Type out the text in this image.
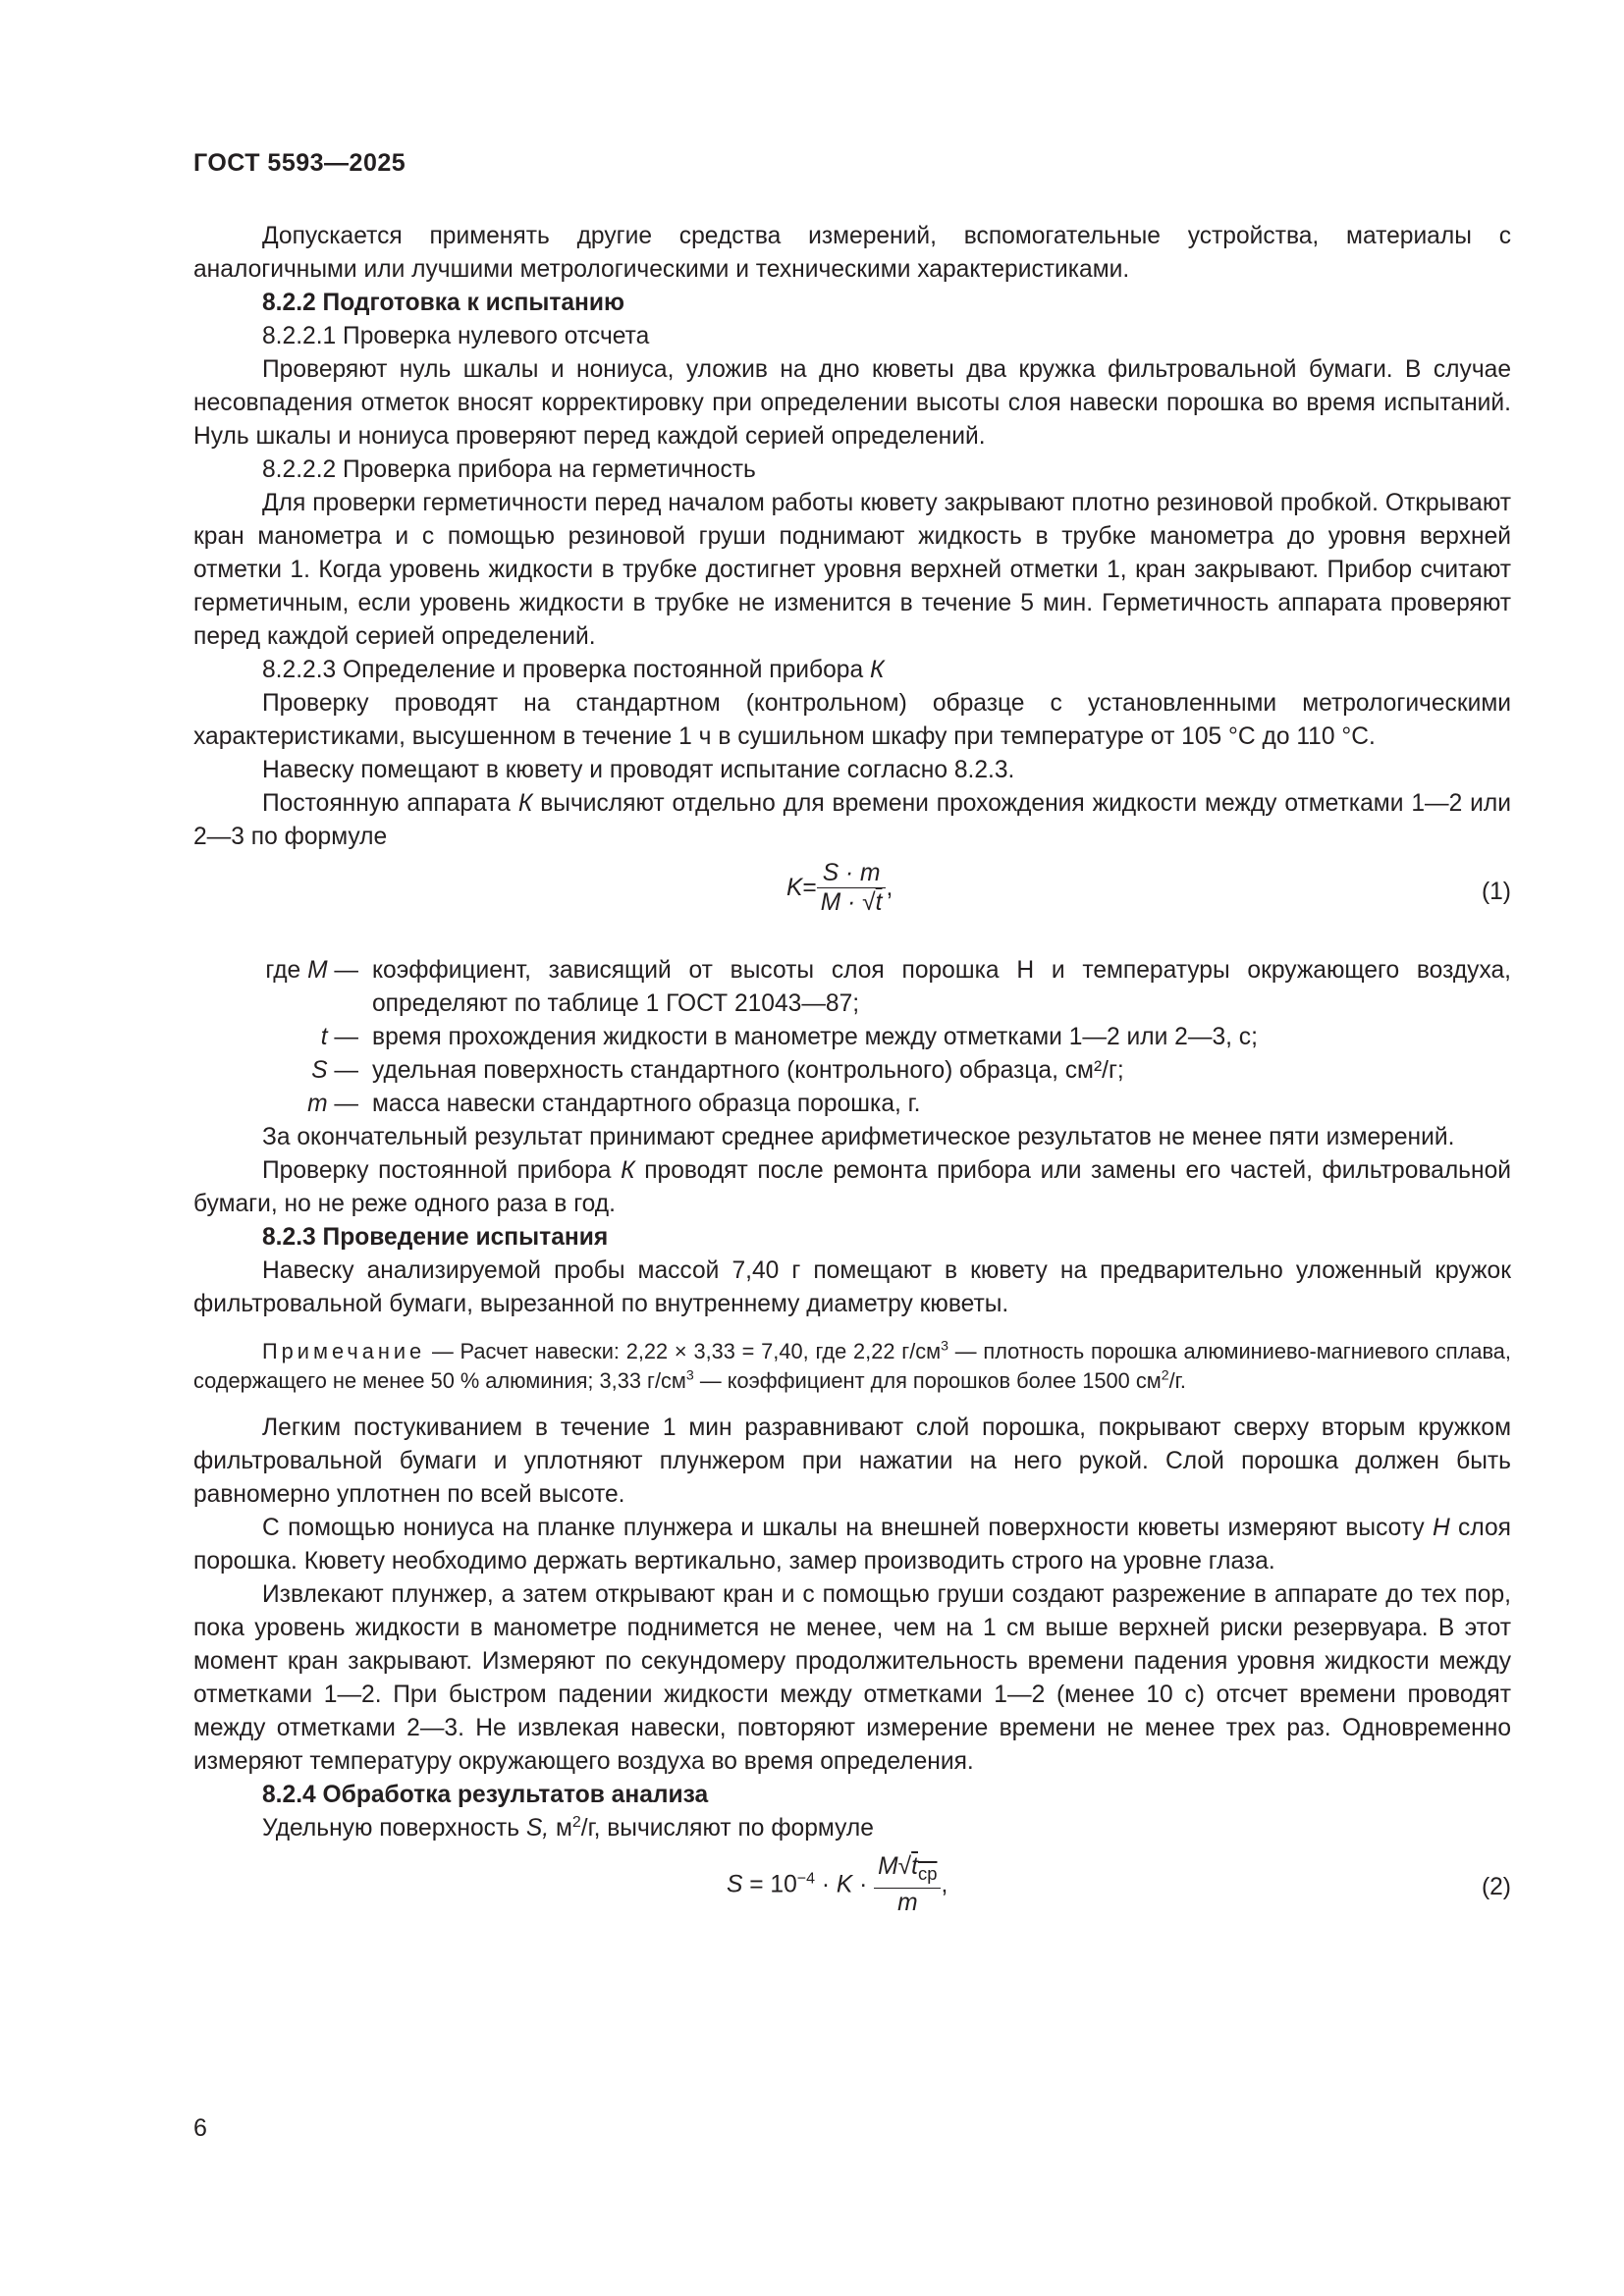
ГОСТ 5593—2025

Допускается применять другие средства измерений, вспомогательные устройства, материалы с аналогичными или лучшими метрологическими и техническими характеристиками.

8.2.2 Подготовка к испытанию

8.2.2.1 Проверка нулевого отсчета

Проверяют нуль шкалы и нониуса, уложив на дно кюветы два кружка фильтровальной бумаги. В случае несовпадения отметок вносят корректировку при определении высоты слоя навески порошка во время испытаний. Нуль шкалы и нониуса проверяют перед каждой серией определений.

8.2.2.2 Проверка прибора на герметичность

Для проверки герметичности перед началом работы кювету закрывают плотно резиновой пробкой. Открывают кран манометра и с помощью резиновой груши поднимают жидкость в трубке манометра до уровня верхней отметки 1. Когда уровень жидкости в трубке достигнет уровня верхней отметки 1, кран закрывают. Прибор считают герметичным, если уровень жидкости в трубке не изменится в течение 5 мин. Герметичность аппарата проверяют перед каждой серией определений.

8.2.2.3 Определение и проверка постоянной прибора К

Проверку проводят на стандартном (контрольном) образце с установленными метрологическими характеристиками, высушенном в течение 1 ч в сушильном шкафу при температуре от 105 °С до 110 °С.

Навеску помещают в кювету и проводят испытание согласно 8.2.3.

Постоянную аппарата К вычисляют отдельно для времени прохождения жидкости между отметками 1—2 или 2—3 по формуле

$K= \frac{S \cdot m}{M \cdot √t}$ ,	(1)
где M — коэффициент, зависящий от высоты слоя порошка H и температуры окружающего воздуха, определяют по таблице 1 ГОСТ 21043—87;
t — время прохождения жидкости в манометре между отметками 1—2 или 2—3, с;
S — удельная поверхность стандартного (контрольного) образца, см²/г;
m — масса навески стандартного образца порошка, г.

За окончательный результат принимают среднее арифметическое результатов не менее пяти измерений.

Проверку постоянной прибора К проводят после ремонта прибора или замены его частей, фильтровальной бумаги, но не реже одного раза в год.

8.2.3 Проведение испытания

Навеску анализируемой пробы массой 7,40 г помещают в кювету на предварительно уложенный кружок фильтровальной бумаги, вырезанной по внутреннему диаметру кюветы.

Примечание — Расчет навески: 2,22 × 3,33 = 7,40, где 2,22 $г/см^3$ — плотность порошка алюминиево-магниевого сплава, содержащего не менее 50 % алюминия; 3,33 $г/см^3$ — коэффициент для порошков более 1500 $см^2/г$.

Легким постукиванием в течение 1 мин разравнивают слой порошка, покрывают сверху вторым кружком фильтровальной бумаги и уплотняют плунжером при нажатии на него рукой. Слой порошка должен быть равномерно уплотнен по всей высоте.

С помощью нониуса на планке плунжера и шкалы на внешней поверхности кюветы измеряют высоту H слоя порошка. Кювету необходимо держать вертикально, замер производить строго на уровне глаза.

Извлекают плунжер, а затем открывают кран и с помощью груши создают разрежение в аппарате до тех пор, пока уровень жидкости в манометре поднимется не менее, чем на 1 см выше верхней риски резервуара. В этот момент кран закрывают. Измеряют по секундомеру продолжительность времени падения уровня жидкости между отметками 1—2. При быстром падении жидкости между отметками 1—2 (менее 10 с) отсчет времени проводят между отметками 2—3. Не извлекая навески, повторяют измерение времени не менее трех раз. Одновременно измеряют температуру окружающего воздуха во время определения.

8.2.4 Обработка результатов анализа

Удельную поверхность S, $м^2/г$, вычисляют по формуле

$S = 10^{-4} \cdot K \cdot \frac{M√t_{ср}}{m}$ ,	(2)
6
